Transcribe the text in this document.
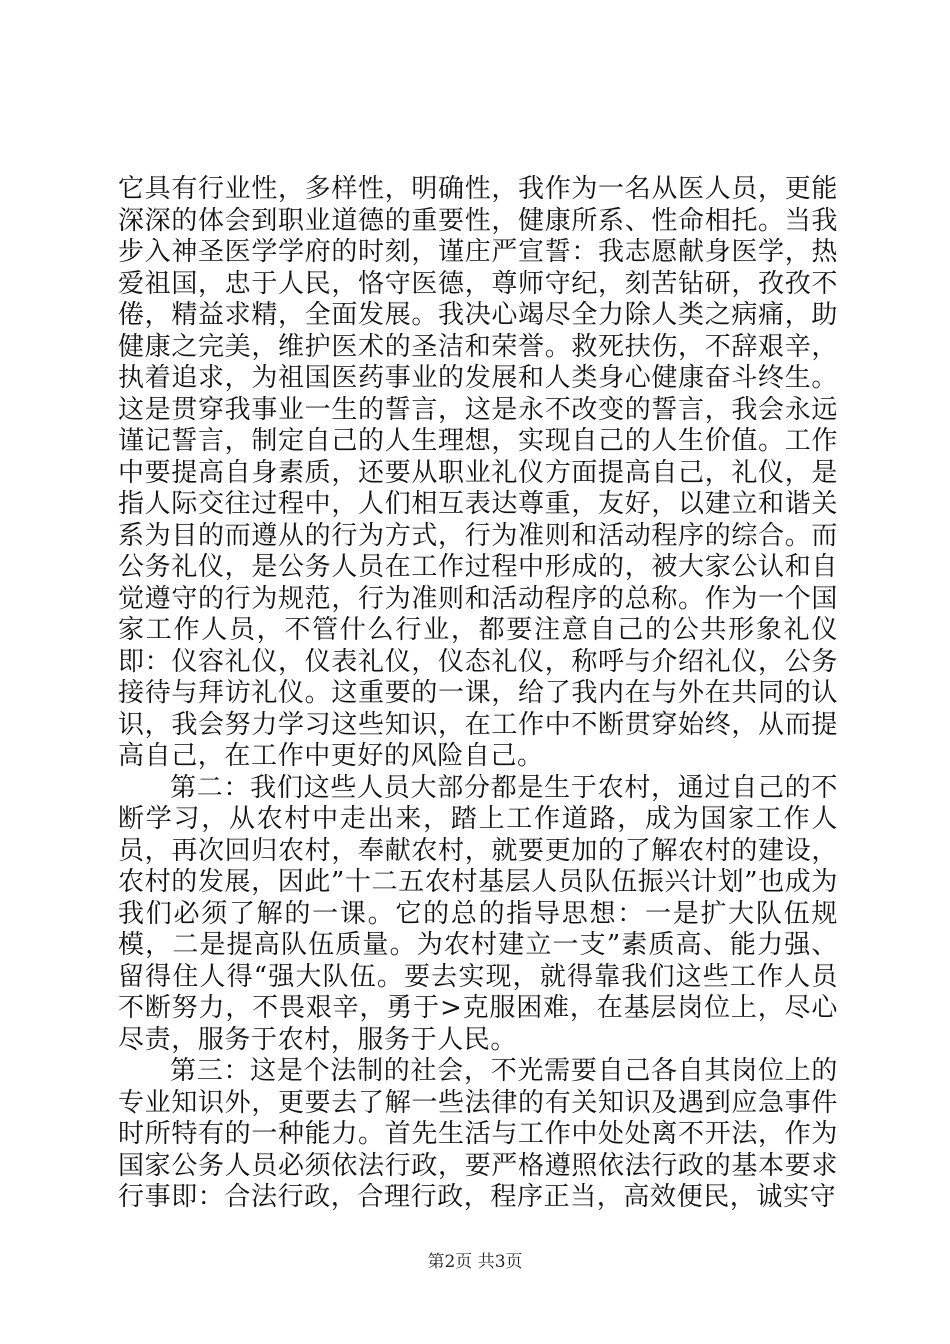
它具有行业性，多样性，明确性，我作为一名从医人员，更能深深的体会到职业道德的重要性，健康所系、性命相托。当我步入神圣医学学府的时刻，谨庄严宣誓：我志愿献身医学，热爱祖国，忠于人民，恪守医德，尊师守纪，刻苦钻研，孜孜不倦，精益求精，全面发展。我决心竭尽全力除人类之病痛，助健康之完美，维护医术的圣洁和荣誉。救死扶伤，不辞艰辛，执着追求，为祖国医药事业的发展和人类身心健康奋斗终生。这是贯穿我事业一生的誓言，这是永不改变的誓言，我会永远谨记誓言，制定自己的人生理想，实现自己的人生价值。工作中要提高自身素质，还要从职业礼仪方面提高自己，礼仪，是指人际交往过程中，人们相互表达尊重，友好，以建立和谐关系为目的而遵从的行为方式，行为准则和活动程序的综合。而公务礼仪，是公务人员在工作过程中形成的，被大家公认和自觉遵守的行为规范，行为准则和活动程序的总称。作为一个国家工作人员，不管什么行业，都要注意自己的公共形象礼仪即：仪容礼仪，仪表礼仪，仪态礼仪，称呼与介绍礼仪，公务接待与拜访礼仪。这重要的一课，给了我内在与外在共同的认识，我会努力学习这些知识，在工作中不断贯穿始终，从而提高自己，在工作中更好的风险自己。

第二：我们这些人员大部分都是生于农村，通过自己的不断学习，从农村中走出来，踏上工作道路，成为国家工作人员，再次回归农村，奉献农村，就要更加的了解农村的建设，农村的发展，因此”十二五农村基层人员队伍振兴计划”也成为我们必须了解的一课。它的总的指导思想：一是扩大队伍规模，二是提高队伍质量。为农村建立一支”素质高、能力强、留得住人得“强大队伍。要去实现，就得靠我们这些工作人员不断努力，不畏艰辛，勇于>克服困难，在基层岗位上，尽心尽责，服务于农村，服务于人民。

第三：这是个法制的社会，不光需要自己各自其岗位上的专业知识外，更要去了解一些法律的有关知识及遇到应急事件时所特有的一种能力。首先生活与工作中处处离不开法，作为国家公务人员必须依法行政，要严格遵照依法行政的基本要求行事即：合法行政，合理行政，程序正当，高效便民，诚实守

第2页 共3页
